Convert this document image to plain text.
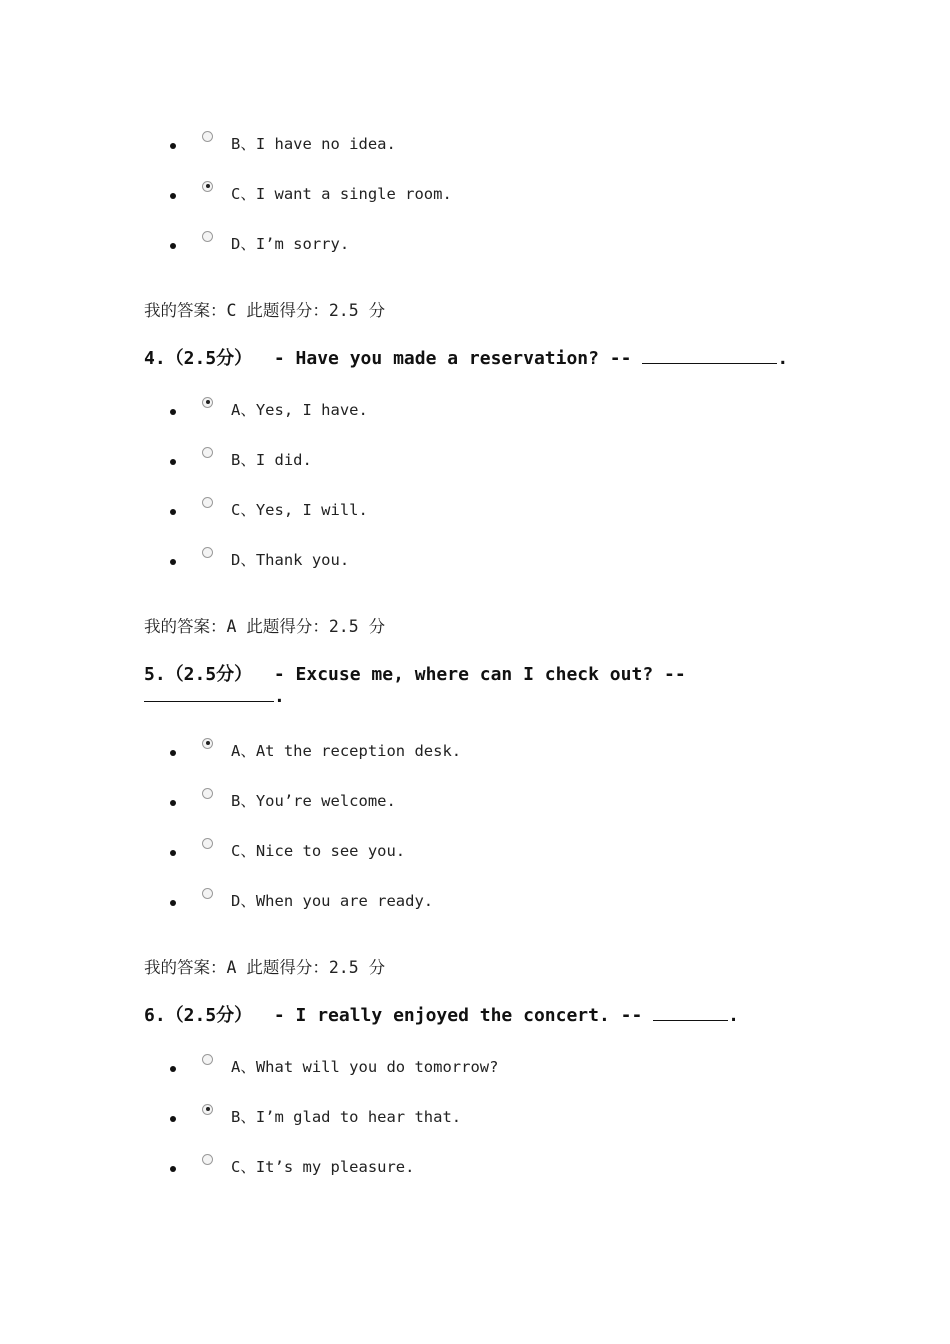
B、I have no idea.
C、I want a single room.
D、I’m sorry.
我的答案：C 此题得分：2.5 分
4.（2.5分）  - Have you made a reservation? --	.
A、Yes, I have.
B、I did.
C、Yes, I will.
D、Thank you.
我的答案：A 此题得分：2.5 分
5.（2.5分）  - Excuse me, where can I check out? --
.
A、At the reception desk.
B、You’re welcome.
C、Nice to see you.
D、When you are ready.
我的答案：A 此题得分：2.5 分
6.（2.5分）  - I really enjoyed the concert. --	.
A、What will you do tomorrow?
B、I’m glad to hear that.
C、It’s my pleasure.
